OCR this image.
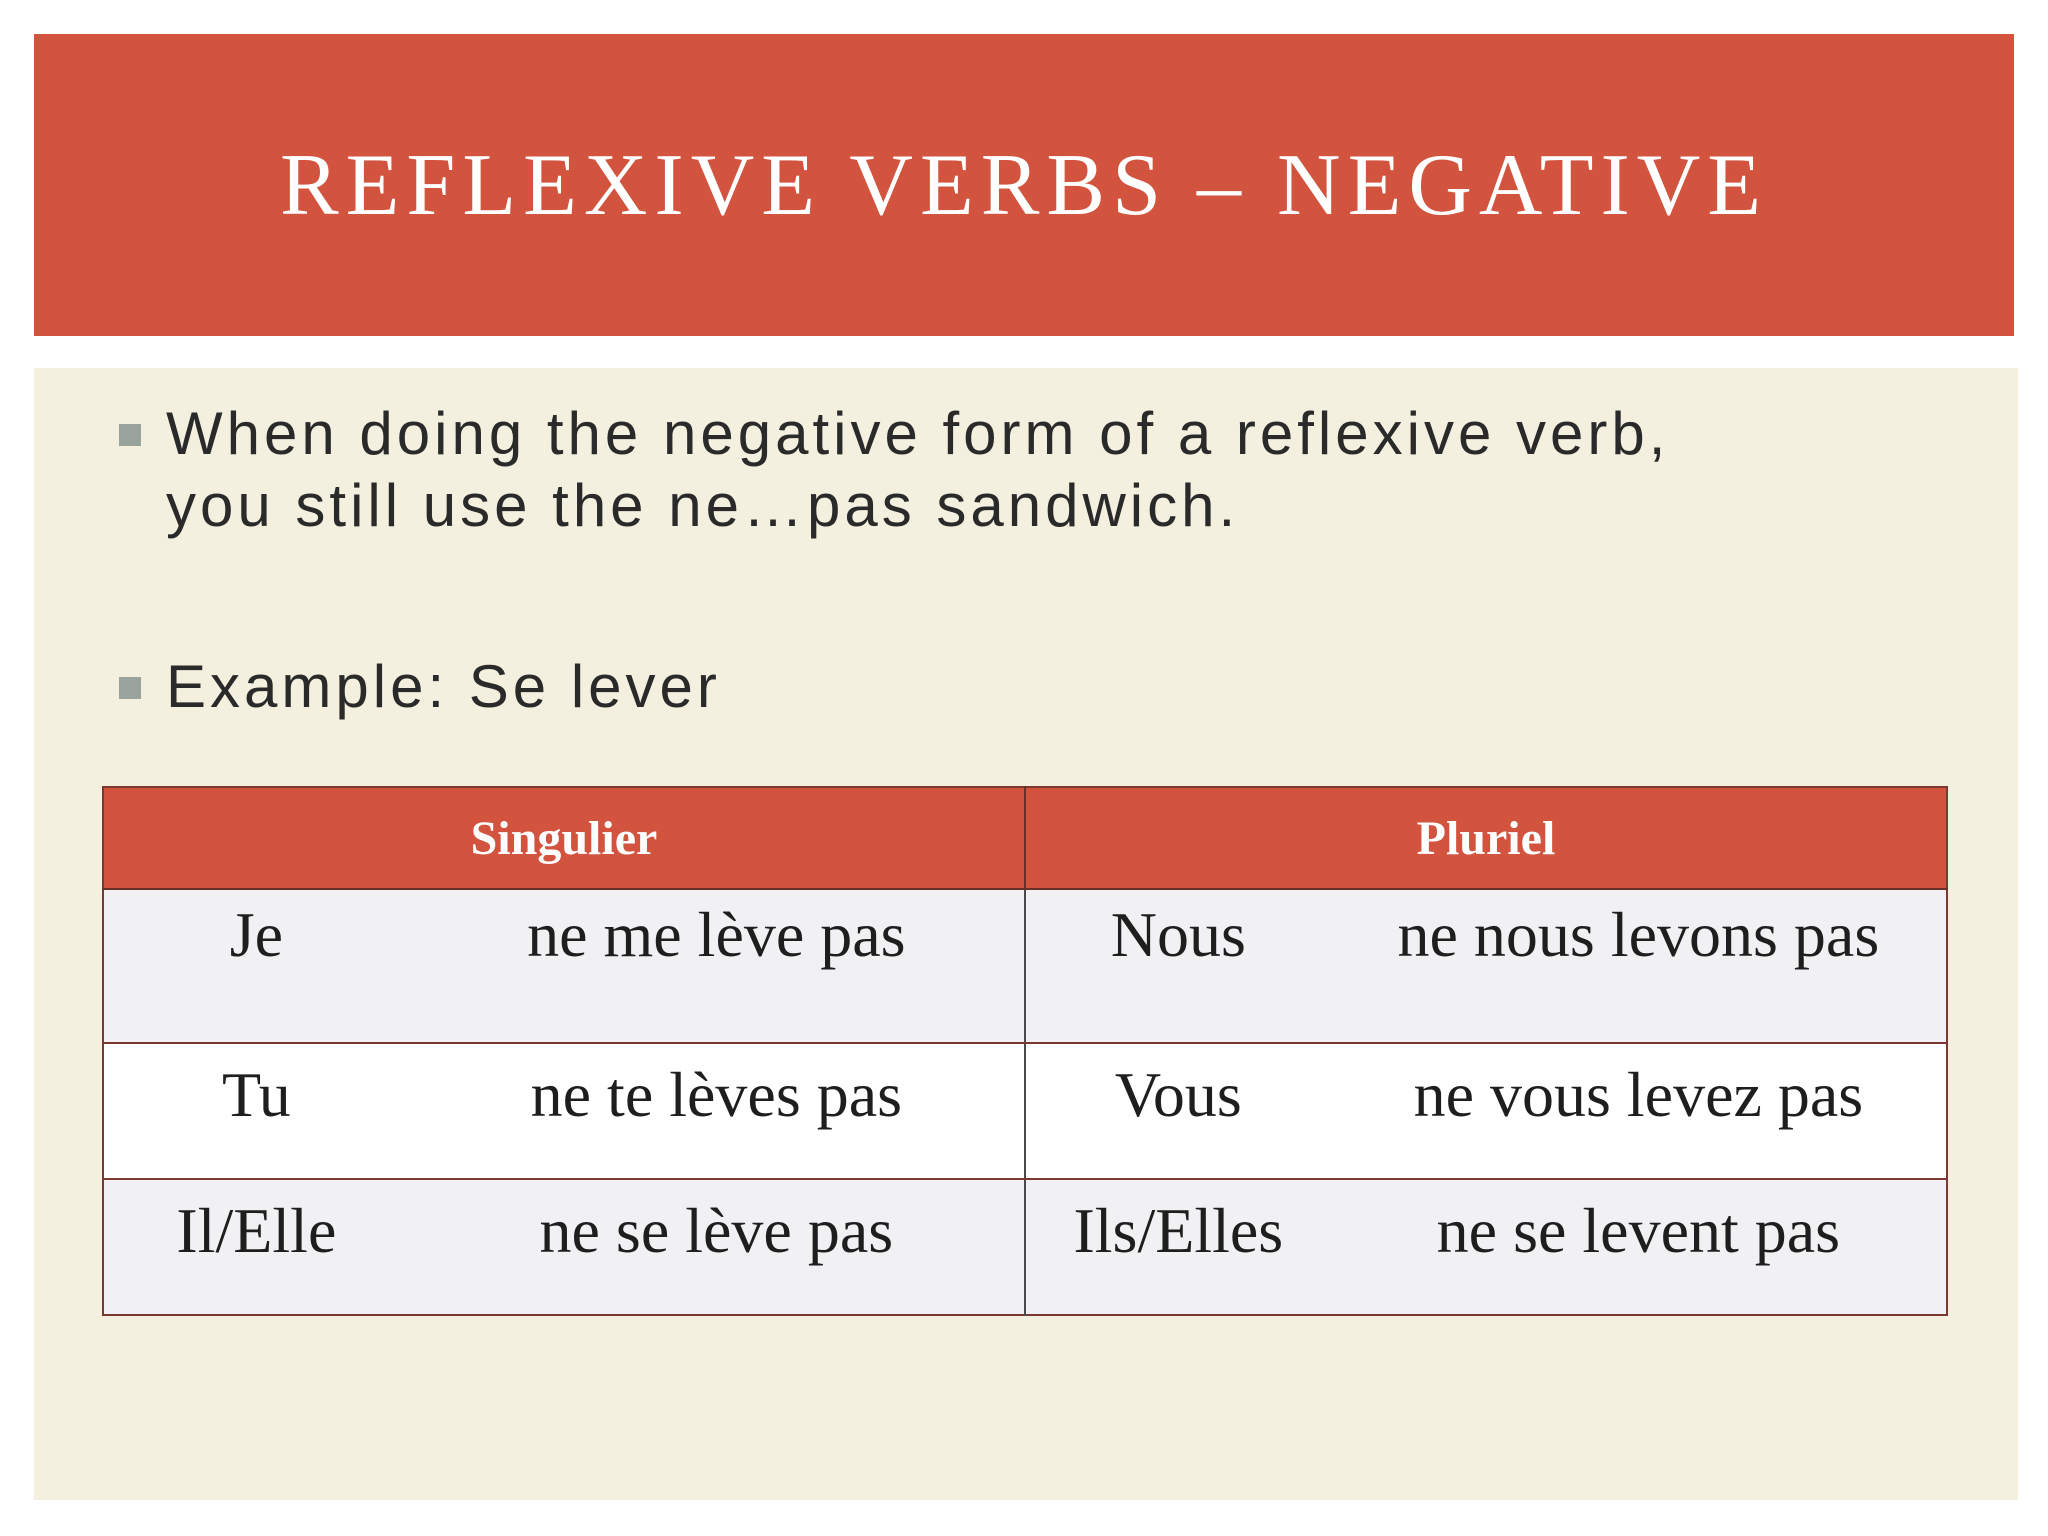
REFLEXIVE VERBS – NEGATIVE
When doing the negative form of a reflexive verb,
you still use the ne…pas sandwich.
Example: Se lever
Singulier		Pluriel	
Je	ne me lève pas	Nous	ne nous levons pas
Tu	ne te lèves pas	Vous	ne vous levez pas
Il/Elle	ne se lève pas	Ils/Elles	ne se levent pas
